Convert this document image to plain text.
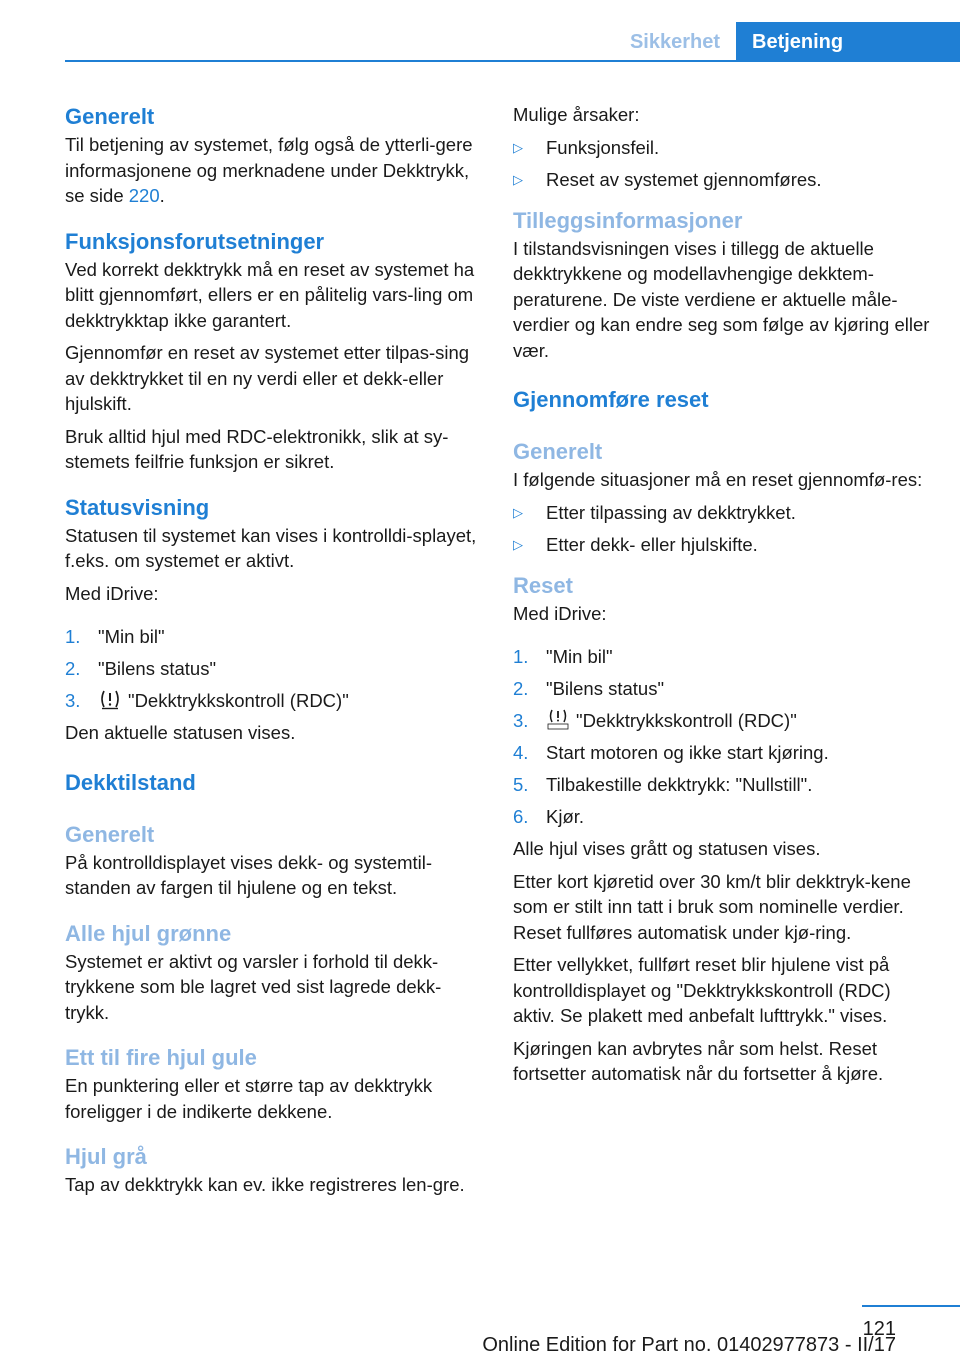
Sikkerhet	Betjening
Generelt

Til betjening av systemet, følg også de ytterli-gere informasjonene og merknadene under Dekktrykk, se side 220.

Funksjonsforutsetninger

Ved korrekt dekktrykk må en reset av systemet ha blitt gjennomført, ellers er en pålitelig vars-ling om dekktrykktap ikke garantert.

Gjennomfør en reset av systemet etter tilpas-sing av dekktrykket til en ny verdi eller et dekk-eller hjulskift.

Bruk alltid hjul med RDC-elektronikk, slik at sy-stemets feilfrie funksjon er sikret.

Statusvisning

Statusen til systemet kan vises i kontrolldi-splayet, f.eks. om systemet er aktivt.

Med iDrive:

1. "Min bil"
2. "Bilens status"
3.	"Dekktrykkskontroll (RDC)"

Den aktuelle statusen vises.

Dekktilstand
Generelt

På kontrolldisplayet vises dekk- og systemtil-standen av fargen til hjulene og en tekst.

Alle hjul grønne

Systemet er aktivt og varsler i forhold til dekk-trykkene som ble lagret ved sist lagrede dekk-trykk.

Ett til fire hjul gule

En punktering eller et større tap av dekktrykk foreligger i de indikerte dekkene.

Hjul grå

Tap av dekktrykk kan ev. ikke registreres len-gre.

Mulige årsaker:

▷	Funksjonsfeil.
▷	Reset av systemet gjennomføres.
Tilleggsinformasjoner

I tilstandsvisningen vises i tillegg de aktuelle dekktrykkene og modellavhengige dekktem-peraturene. De viste verdiene er aktuelle måle-verdier og kan endre seg som følge av kjøring eller vær.

Gjennomføre reset
Generelt

I følgende situasjoner må en reset gjennomfø-res:

▷	Etter tilpassing av dekktrykket.
▷	Etter dekk- eller hjulskifte.
Reset

Med iDrive:

1. "Min bil"
2. "Bilens status"
3.	"Dekktrykkskontroll (RDC)"
4. Start motoren og ikke start kjøring.
5. Tilbakestille dekktrykk: "Nullstill".
6. Kjør.

Alle hjul vises grått og statusen vises.

Etter kort kjøretid over 30 km/t blir dekktryk-kene som er stilt inn tatt i bruk som nominelle verdier. Reset fullføres automatisk under kjø-ring.

Etter vellykket, fullført reset blir hjulene vist på kontrolldisplayet og "Dekktrykkskontroll (RDC) aktiv. Se plakett med anbefalt lufttrykk." vises.

Kjøringen kan avbrytes når som helst. Reset fortsetter automatisk når du fortsetter å kjøre.

121
Online Edition for Part no. 01402977873 - II/17
